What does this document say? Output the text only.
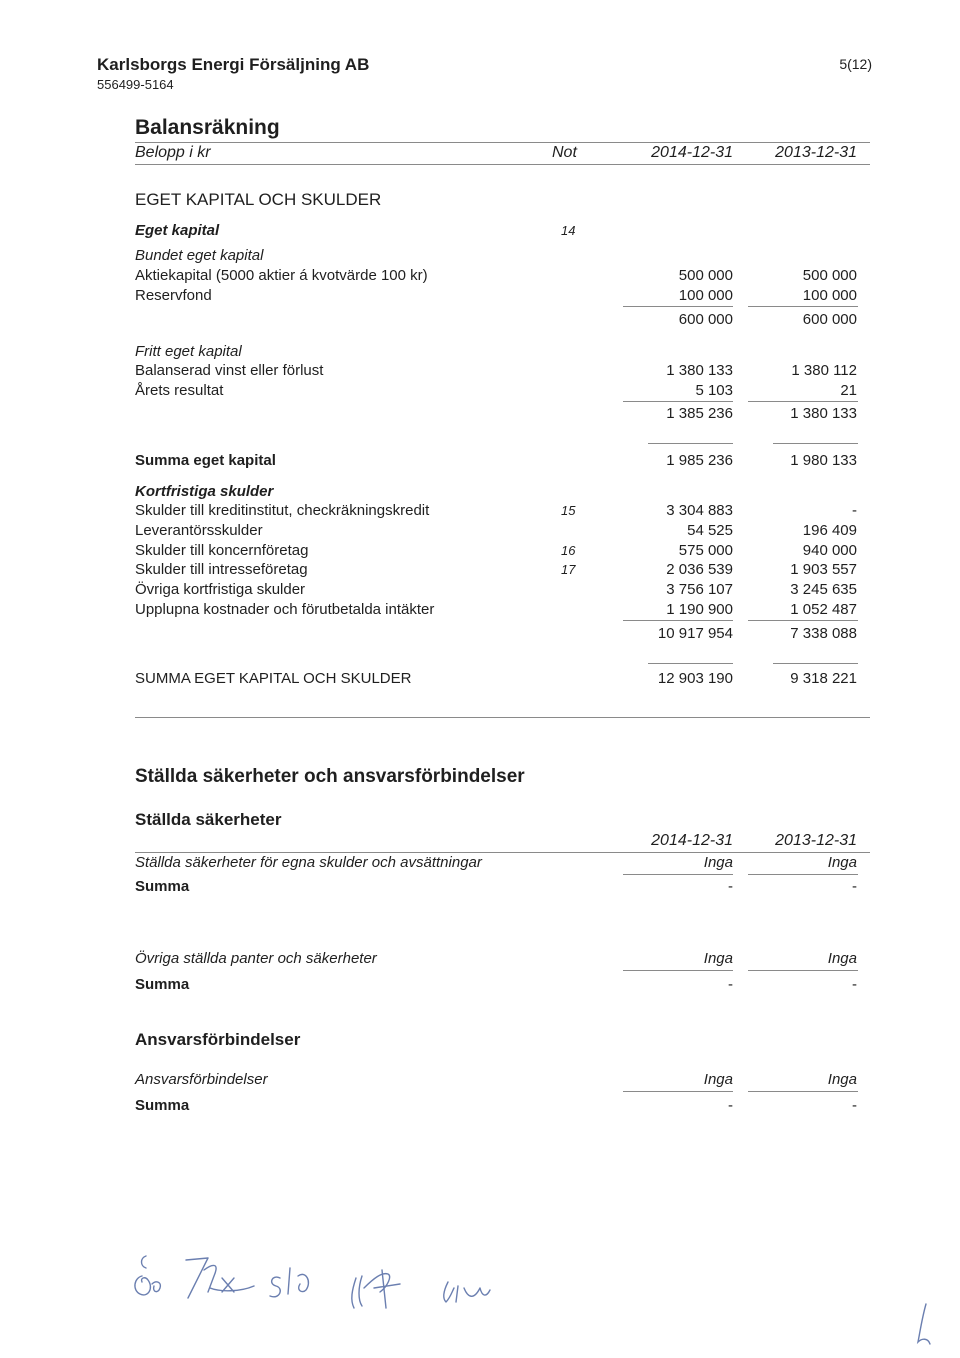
Karlsborgs Energi Försäljning AB
556499-5164
5(12)
Balansräkning
Belopp i kr	Not	2014-12-31	2013-12-31
EGET KAPITAL OCH SKULDER
Eget kapital	14
Bundet eget kapital
Aktiekapital (5000 aktier á kvotvärde 100 kr)	500 000	500 000
Reservfond	100 000	100 000
600 000	600 000
Fritt eget kapital
Balanserad vinst eller förlust	1 380 133	1 380 112
Årets resultat	5 103	21
1 385 236	1 380 133
Summa eget kapital	1 985 236	1 980 133
Kortfristiga skulder
Skulder till kreditinstitut, checkräkningskredit	15	3 304 883	-
Leverantörsskulder	54 525	196 409
Skulder till koncernföretag	16	575 000	940 000
Skulder till intresseföretag	17	2 036 539	1 903 557
Övriga kortfristiga skulder	3 756 107	3 245 635
Upplupna kostnader och förutbetalda intäkter	1 190 900	1 052 487
10 917 954	7 338 088
SUMMA EGET KAPITAL OCH SKULDER	12 903 190	9 318 221
Ställda säkerheter och ansvarsförbindelser
Ställda säkerheter
2014-12-31	2013-12-31
Ställda säkerheter för egna skulder och avsättningar	Inga	Inga
Summa	-	-
Övriga ställda panter och säkerheter	Inga	Inga
Summa	-	-
Ansvarsförbindelser
Ansvarsförbindelser	Inga	Inga
Summa	-	-
